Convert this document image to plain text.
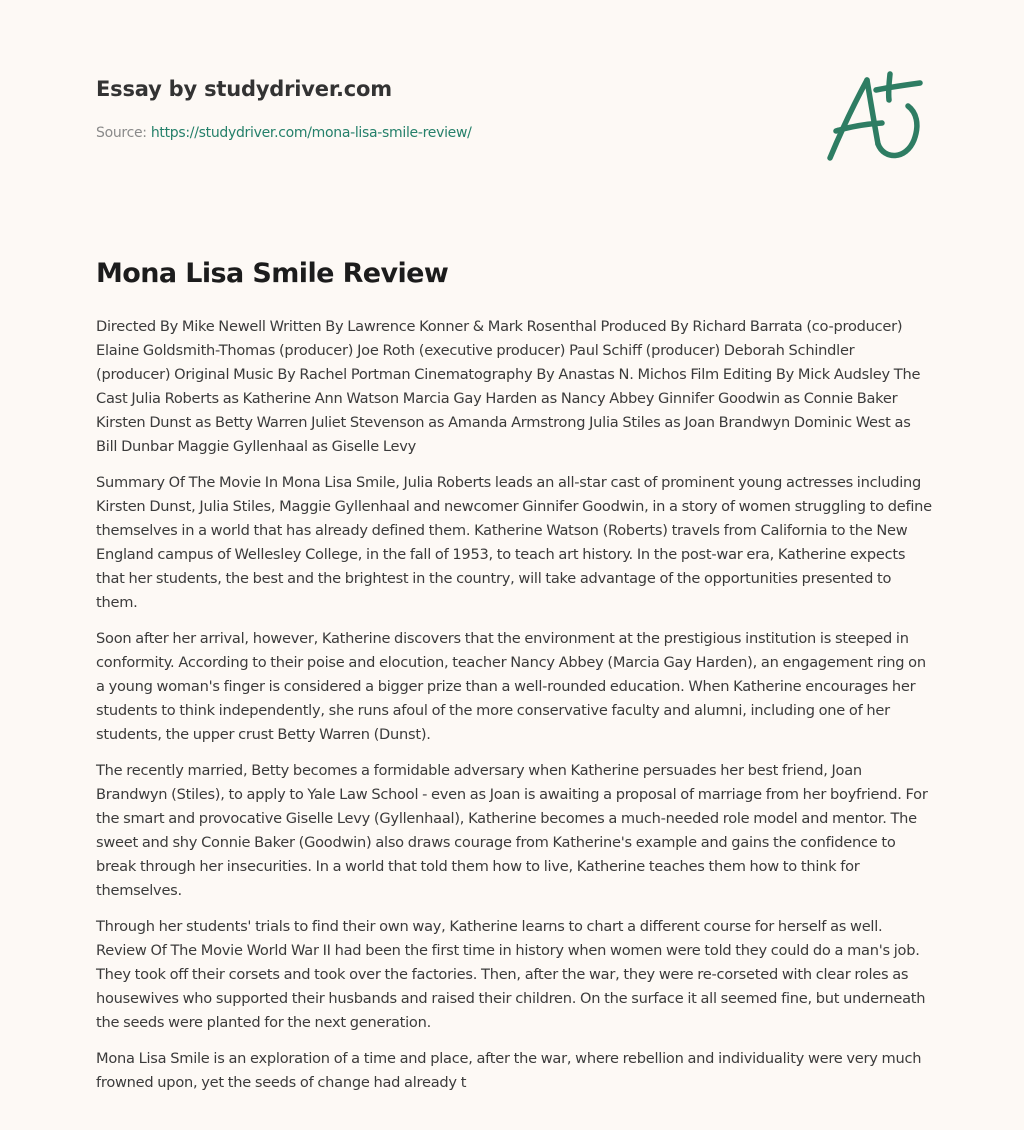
Essay by studydriver.com
Source: https://studydriver.com/mona-lisa-smile-review/
Mona Lisa Smile Review

Directed By Mike Newell Written By Lawrence Konner & Mark Rosenthal Produced By Richard Barrata (co-producer) Elaine Goldsmith-Thomas (producer) Joe Roth (executive producer) Paul Schiff (producer) Deborah Schindler (producer) Original Music By Rachel Portman Cinematography By Anastas N. Michos Film Editing By Mick Audsley The Cast Julia Roberts as Katherine Ann Watson Marcia Gay Harden as Nancy Abbey Ginnifer Goodwin as Connie Baker Kirsten Dunst as Betty Warren Juliet Stevenson as Amanda Armstrong Julia Stiles as Joan Brandwyn Dominic West as Bill Dunbar Maggie Gyllenhaal as Giselle Levy

Summary Of The Movie In Mona Lisa Smile, Julia Roberts leads an all-star cast of prominent young actresses including Kirsten Dunst, Julia Stiles, Maggie Gyllenhaal and newcomer Ginnifer Goodwin, in a story of women struggling to define themselves in a world that has already defined them. Katherine Watson (Roberts) travels from California to the New England campus of Wellesley College, in the fall of 1953, to teach art history. In the post-war era, Katherine expects that her students, the best and the brightest in the country, will take advantage of the opportunities presented to them.

Soon after her arrival, however, Katherine discovers that the environment at the prestigious institution is steeped in conformity. According to their poise and elocution, teacher Nancy Abbey (Marcia Gay Harden), an engagement ring on a young woman's finger is considered a bigger prize than a well-rounded education. When Katherine encourages her students to think independently, she runs afoul of the more conservative faculty and alumni, including one of her students, the upper crust Betty Warren (Dunst).

The recently married, Betty becomes a formidable adversary when Katherine persuades her best friend, Joan Brandwyn (Stiles), to apply to Yale Law School - even as Joan is awaiting a proposal of marriage from her boyfriend. For the smart and provocative Giselle Levy (Gyllenhaal), Katherine becomes a much-needed role model and mentor. The sweet and shy Connie Baker (Goodwin) also draws courage from Katherine's example and gains the confidence to break through her insecurities. In a world that told them how to live, Katherine teaches them how to think for themselves.

Through her students' trials to find their own way, Katherine learns to chart a different course for herself as well. Review Of The Movie World War II had been the first time in history when women were told they could do a man's job. They took off their corsets and took over the factories. Then, after the war, they were re-corseted with clear roles as housewives who supported their husbands and raised their children. On the surface it all seemed fine, but underneath the seeds were planted for the next generation.

Mona Lisa Smile is an exploration of a time and place, after the war, where rebellion and individuality were very much frowned upon, yet the seeds of change had already t
